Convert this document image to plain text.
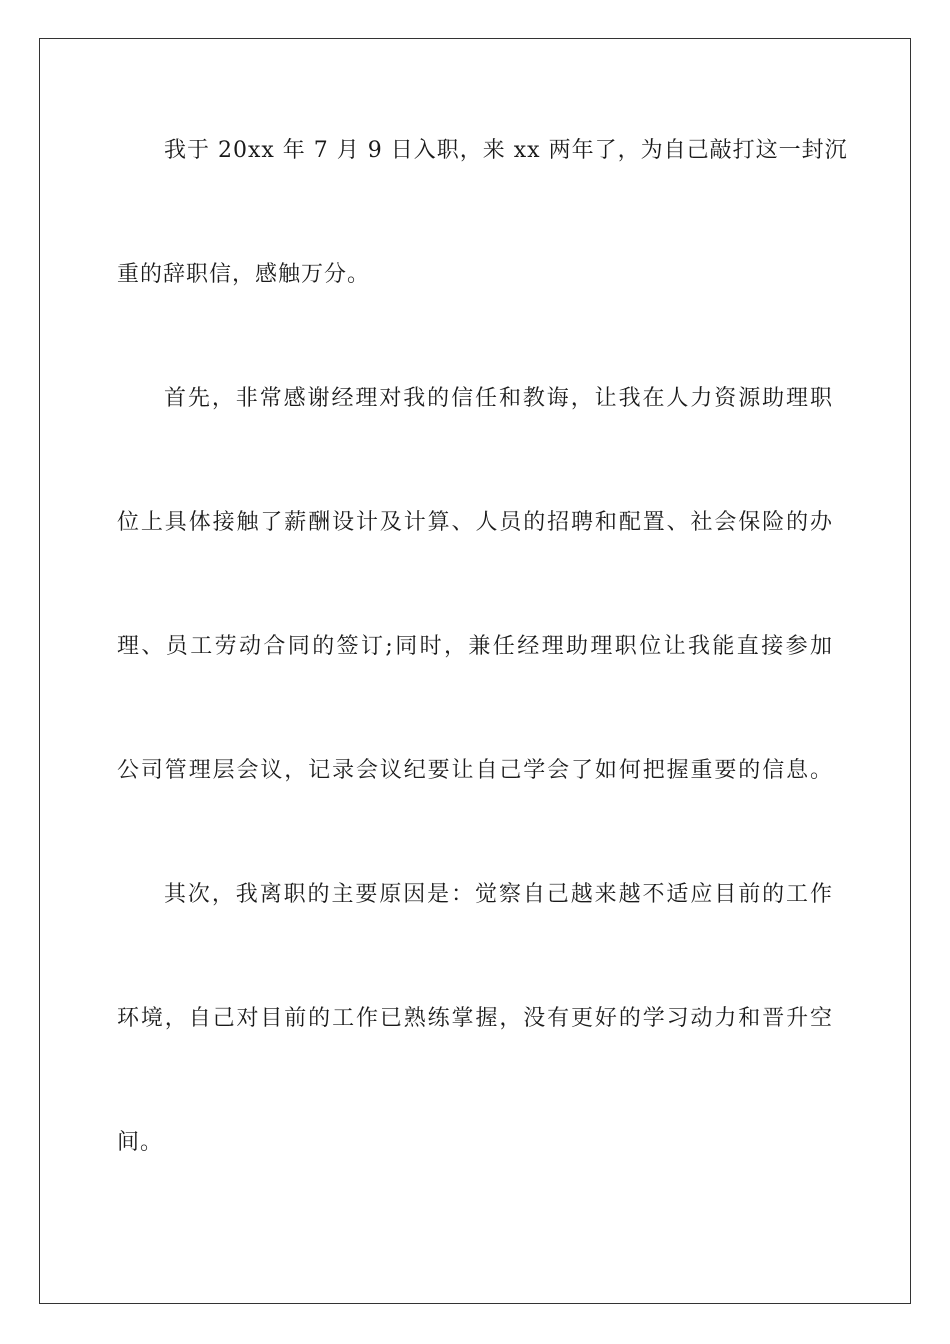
我于 20xx 年 7 月 9 日入职，来 xx 两年了，为自己敲打这一封沉
重的辞职信，感触万分。
首先，非常感谢经理对我的信任和教诲，让我在人力资源助理职
位上具体接触了薪酬设计及计算、人员的招聘和配置、社会保险的办
理、员工劳动合同的签订;同时，兼任经理助理职位让我能直接参加
公司管理层会议，记录会议纪要让自己学会了如何把握重要的信息。
其次，我离职的主要原因是：觉察自己越来越不适应目前的工作
环境，自己对目前的工作已熟练掌握，没有更好的学习动力和晋升空
间。
